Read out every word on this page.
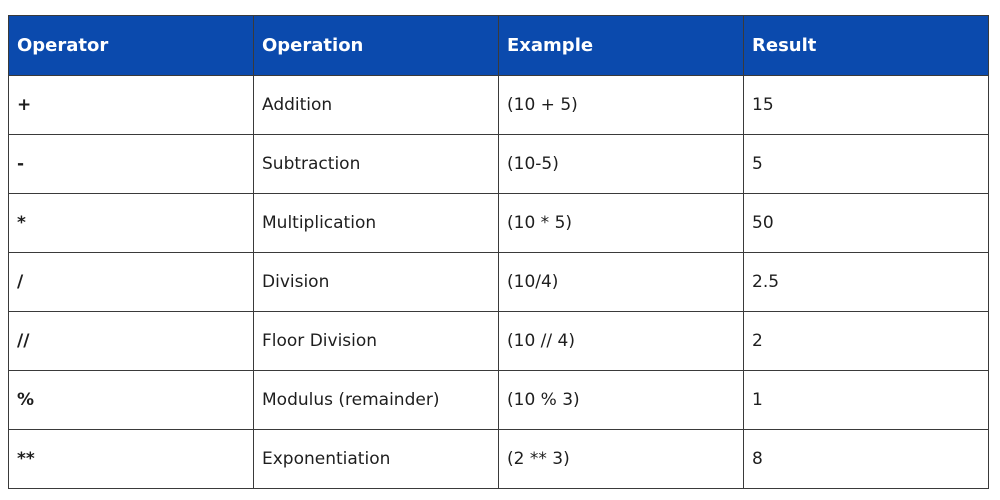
Operator	Operation	Example	Result
+	Addition	(10 + 5)	15
-	Subtraction	(10-5)	5
*	Multiplication	(10 * 5)	50
/	Division	(10/4)	2.5
//	Floor Division	(10 // 4)	2
%	Modulus (remainder)	(10 % 3)	1
**	Exponentiation	(2 ** 3)	8
